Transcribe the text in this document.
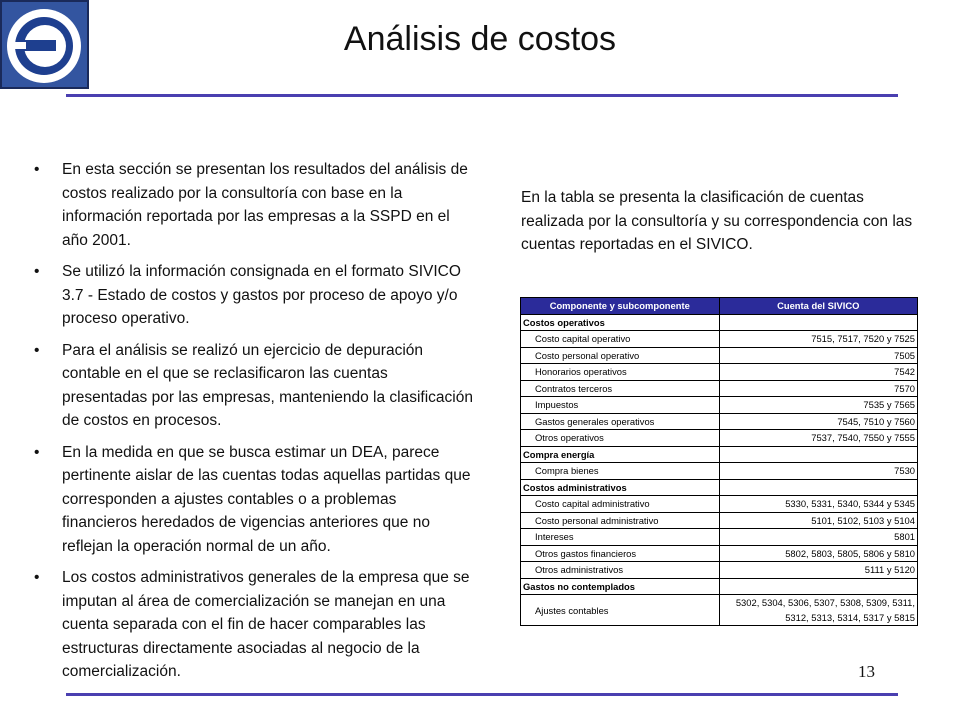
Análisis de costos
• En esta sección se presentan los resultados del análisis de costos realizado por la consultoría con base en la información reportada por las empresas a la SSPD en el año 2001.
• Se utilizó la información consignada en el formato SIVICO 3.7 - Estado de costos y gastos por proceso de apoyo y/o proceso operativo.
• Para el análisis se realizó un ejercicio de depuración contable en el que se reclasificaron las cuentas presentadas por las empresas, manteniendo la clasificación de costos en procesos.
• En la medida en que se busca estimar un DEA, parece pertinente aislar de las cuentas todas aquellas partidas que corresponden a ajustes contables o a problemas financieros heredados de vigencias anteriores que no reflejan la operación normal de un año.
• Los costos administrativos generales de la empresa que se imputan al área de comercialización se manejan en una cuenta separada con el fin de hacer comparables las estructuras directamente asociadas al negocio de la comercialización.
En la tabla se presenta la clasificación de cuentas realizada por la consultoría y su correspondencia con las cuentas reportadas en el SIVICO.
Componente y subcomponente	Cuenta del SIVICO
Costos operativos	
Costo capital operativo	7515, 7517, 7520 y 7525
Costo personal operativo	7505
Honorarios operativos	7542
Contratos terceros	7570
Impuestos	7535 y 7565
Gastos generales operativos	7545, 7510 y 7560
Otros operativos	7537, 7540, 7550 y 7555
Compra energía	
Compra bienes	7530
Costos administrativos	
Costo capital administrativo	5330, 5331, 5340, 5344 y 5345
Costo personal administrativo	5101, 5102, 5103 y 5104
Intereses	5801
Otros gastos financieros	5802, 5803, 5805, 5806 y 5810
Otros administrativos	5111 y 5120
Gastos no contemplados	
Ajustes contables	5302, 5304, 5306, 5307, 5308, 5309, 5311, 5312, 5313, 5314, 5317 y 5815
13
